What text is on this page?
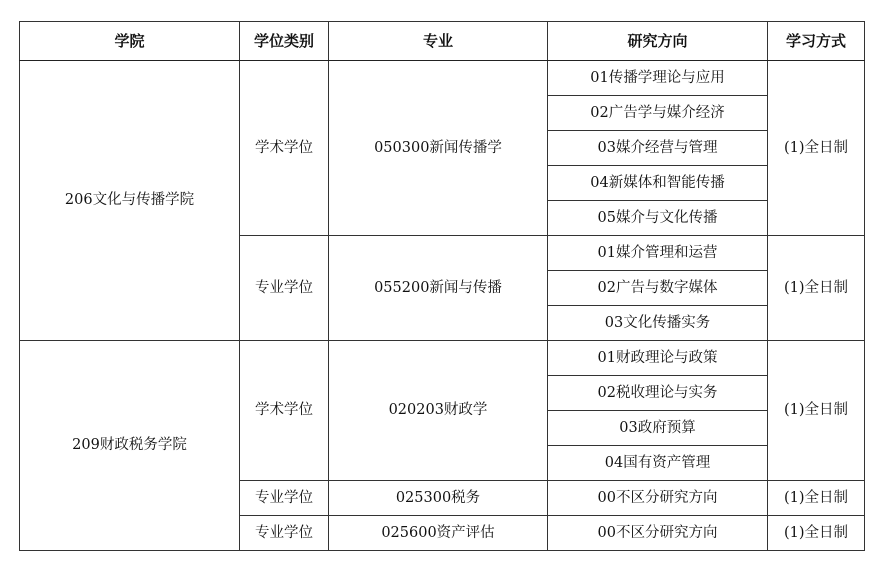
学院	学位类别	专业	研究方向	学习方式
206文化与传播学院	学术学位	050300新闻传播学	01传播学理论与应用	(1)全日制
			02广告学与媒介经济	
			03媒介经营与管理	
			04新媒体和智能传播	
			05媒介与文化传播	
	专业学位	055200新闻与传播	01媒介管理和运营	(1)全日制
			02广告与数字媒体	
			03文化传播实务	
209财政税务学院	学术学位	020203财政学	01财政理论与政策	(1)全日制
			02税收理论与实务	
			03政府预算	
			04国有资产管理	
	专业学位	025300税务	00不区分研究方向	(1)全日制
	专业学位	025600资产评估	00不区分研究方向	(1)全日制
